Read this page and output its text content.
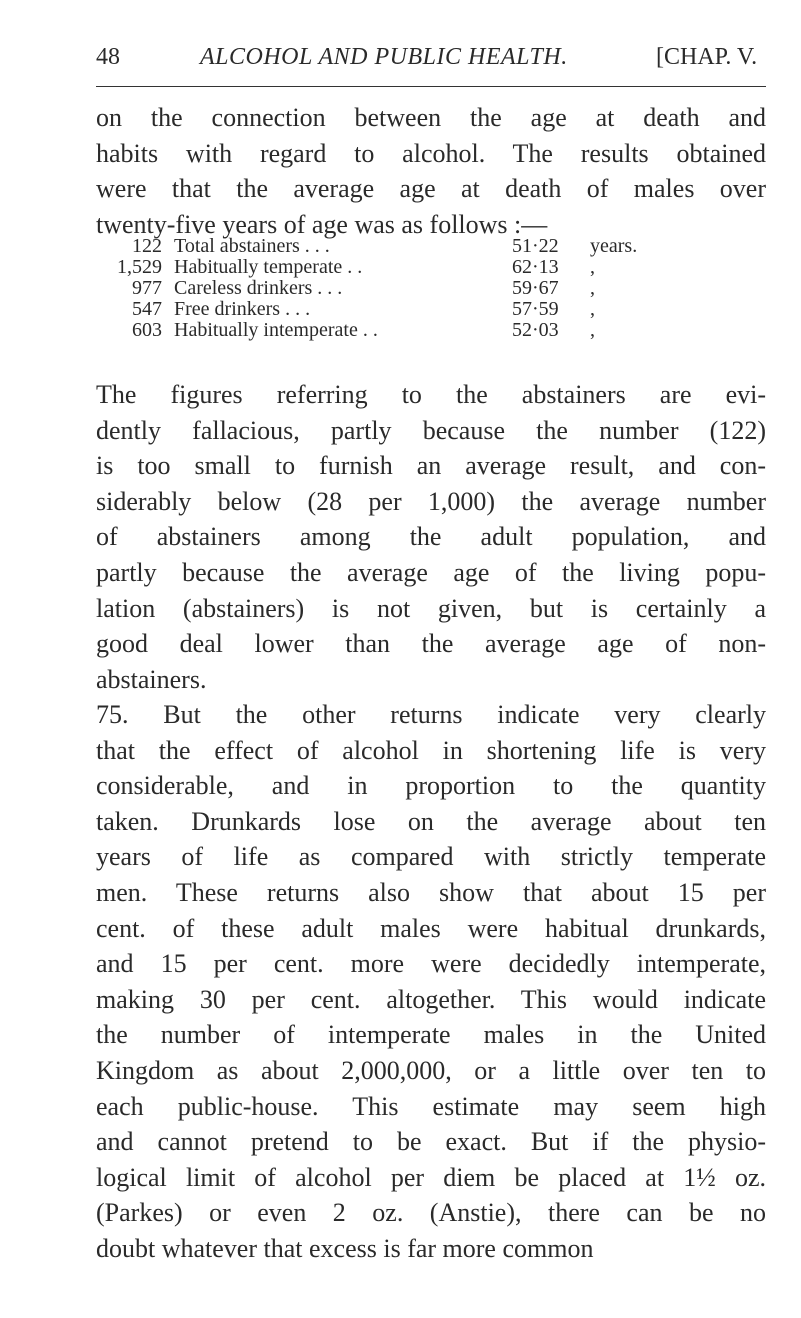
48	ALCOHOL AND PUBLIC HEALTH.	[CHAP. V.
on the connection between the age at death and
habits with regard to alcohol. The results obtained
were that the average age at death of males over
twenty-five years of age was as follows :—
122 Total abstainers . . .	51·22 years.
1,529 Habitually temperate . .	62·13 ,
977 Careless drinkers . . .	59·67 ,
547 Free drinkers . . .	57·59 ,
603 Habitually intemperate . .	52·03 ,
The figures referring to the abstainers are evi-
dently fallacious, partly because the number (122)
is too small to furnish an average result, and con-
siderably below (28 per 1,000) the average number
of abstainers among the adult population, and
partly because the average age of the living popu-
lation (abstainers) is not given, but is certainly a
good deal lower than the average age of non-
abstainers.
75. But the other returns indicate very clearly
that the effect of alcohol in shortening life is very
considerable, and in proportion to the quantity
taken. Drunkards lose on the average about ten
years of life as compared with strictly temperate
men. These returns also show that about 15 per
cent. of these adult males were habitual drunkards,
and 15 per cent. more were decidedly intemperate,
making 30 per cent. altogether. This would indicate
the number of intemperate males in the United
Kingdom as about 2,000,000, or a little over ten to
each public-house. This estimate may seem high
and cannot pretend to be exact. But if the physio-
logical limit of alcohol per diem be placed at 1½ oz.
(Parkes) or even 2 oz. (Anstie), there can be no
doubt whatever that excess is far more common
